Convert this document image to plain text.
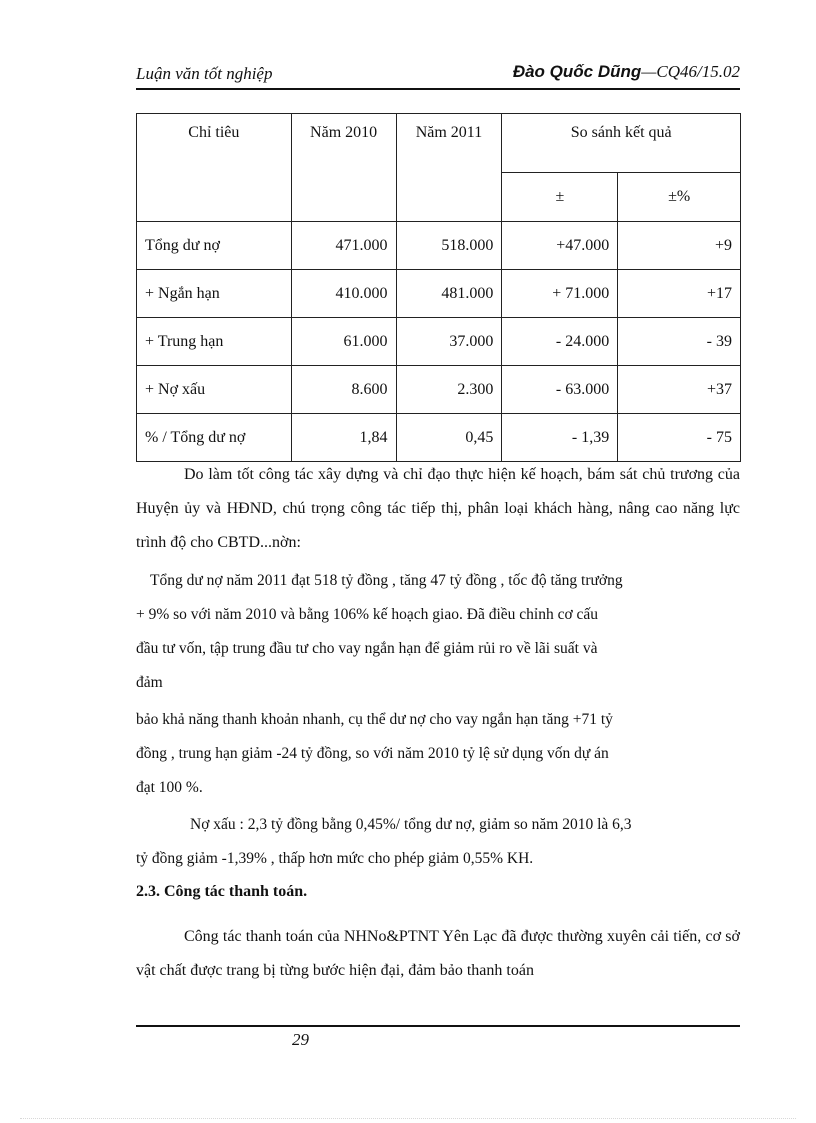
Luận văn tốt nghiệp	Đào Quốc Dũng—CQ46/15.02
Chỉ tiêu	Năm 2010	Năm 2011	So sánh kết quả	
			±	±%
Tổng dư nợ	471.000	518.000	+47.000	+9
+ Ngắn hạn	410.000	481.000	+ 71.000	+17
+ Trung hạn	61.000	37.000	- 24.000	- 39
+ Nợ xấu	8.600	2.300	- 63.000	+37
% / Tổng dư nợ	1,84	0,45	- 1,39	- 75

Do làm tốt công tác xây dựng và chỉ đạo thực hiện kế hoạch, bám sát chủ trương của Huyện ủy và HĐND, chú trọng công tác tiếp thị, phân loại khách hàng, nâng cao năng lực trình độ cho CBTD...nờn:

Tổng dư nợ năm 2011 đạt 518 tỷ đồng , tăng 47 tỷ đồng , tốc độ tăng trưởng
+ 9% so với năm 2010 và bằng 106% kế hoạch giao. Đã điều chỉnh cơ cấu
đầu tư vốn, tập trung đầu tư cho vay ngắn hạn để giảm rủi ro về lãi suất và
đảm
bảo khả năng thanh khoản nhanh, cụ thể dư nợ cho vay ngắn hạn tăng +71 tỷ
đồng , trung hạn giảm -24 tỷ đồng, so với năm 2010 tỷ lệ sử dụng vốn dự án
đạt 100 %.
Nợ xấu : 2,3 tỷ đồng bằng 0,45%/ tổng dư nợ, giảm so năm 2010 là 6,3
tỷ đồng giảm -1,39% , thấp hơn mức cho phép giảm 0,55% KH.
2.3. Công tác thanh toán.

Công tác thanh toán của NHNo&PTNT Yên Lạc đã được thường xuyên cải tiến, cơ sở vật chất được trang bị từng bước hiện đại, đảm bảo thanh toán

29
